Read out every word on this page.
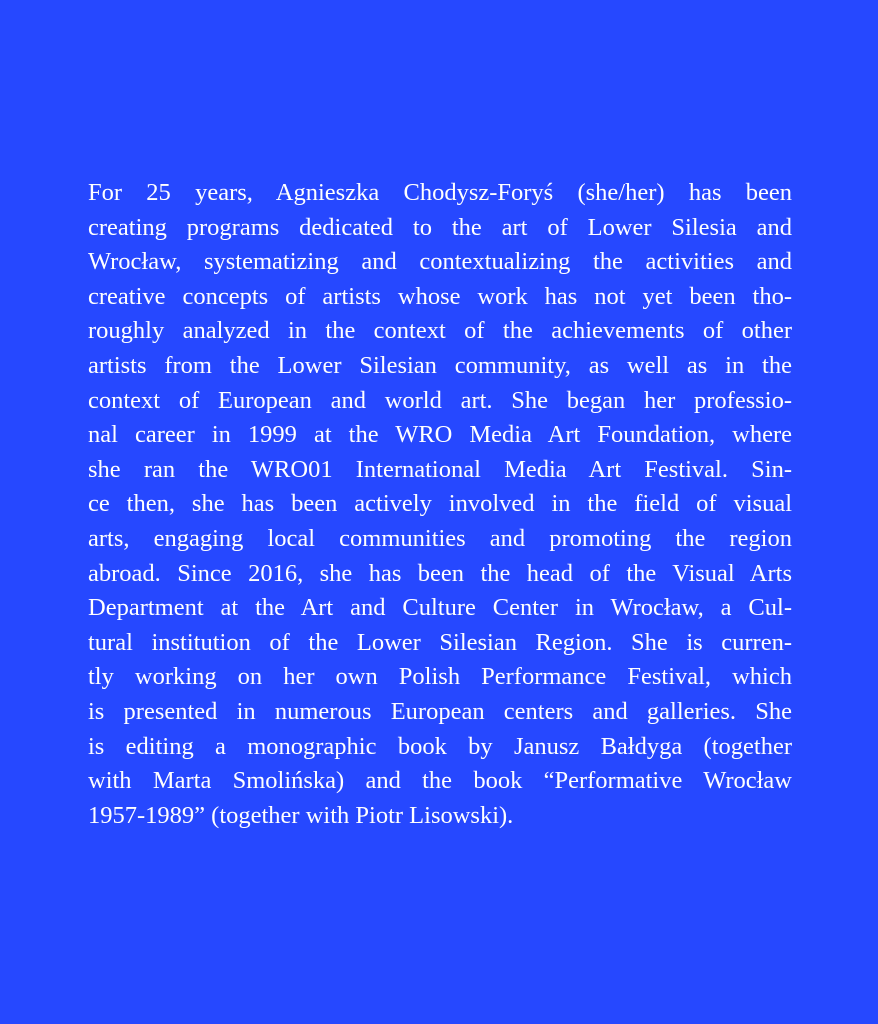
For 25 years, Agnieszka Chodysz-Foryś (she/her) has been
creating programs dedicated to the art of Lower Silesia and
Wrocław, systematizing and contextualizing the activities and
creative concepts of artists whose work has not yet been tho-
roughly analyzed in the context of the achievements of other
artists from the Lower Silesian community, as well as in the
context of European and world art. She began her professio-
nal career in 1999 at the WRO Media Art Foundation, where
she ran the WRO01 International Media Art Festival. Sin-
ce then, she has been actively involved in the field of visual
arts, engaging local communities and promoting the region
abroad. Since 2016, she has been the head of the Visual Arts
Department at the Art and Culture Center in Wrocław, a Cul-
tural institution of the Lower Silesian Region. She is curren-
tly working on her own Polish Performance Festival, which
is presented in numerous European centers and galleries. She
is editing a monographic book by Janusz Bałdyga (together
with Marta Smolińska) and the book “Performative Wrocław
1957-1989” (together with Piotr Lisowski).
